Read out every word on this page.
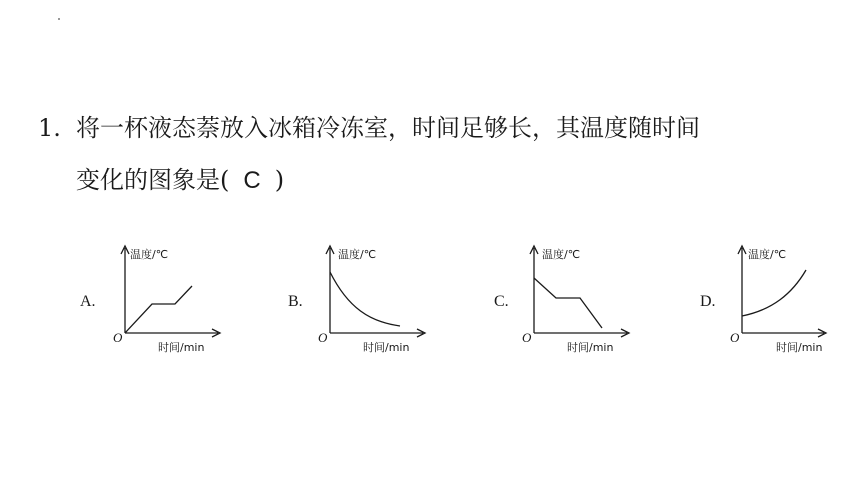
1. 将一杯液态萘放入冰箱冷冻室，时间足够长，其温度随时间
变化的图象是( C )
A.
温度/℃
O
时间/min
B.
温度/℃
O
时间/min
C.
温度/℃
O
时间/min
D.
温度/℃
O
时间/min
